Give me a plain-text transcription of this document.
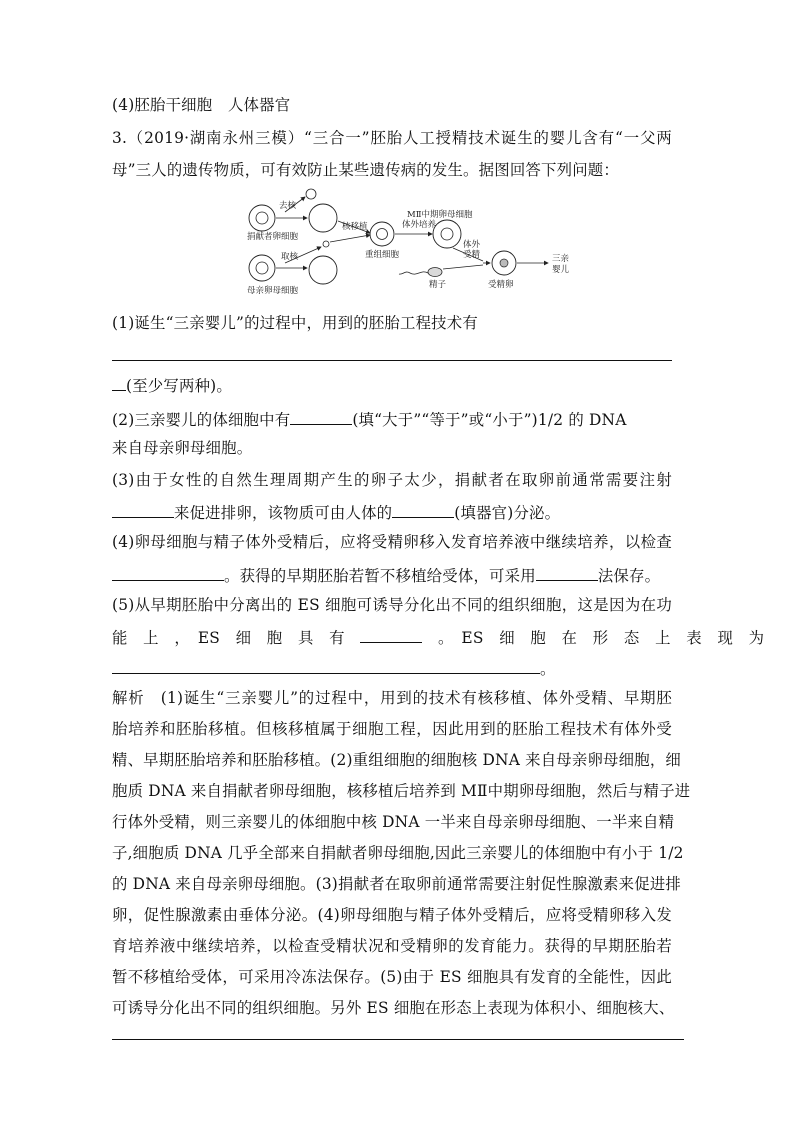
(4)胚胎干细胞　人体器官
3.（2019·湖南永州三模）“三合一”胚胎人工授精技术诞生的婴儿含有“一父两
母”三人的遗传物质，可有效防止某些遗传病的发生。据图回答下列问题：
(1)诞生“三亲婴儿”的过程中，用到的胚胎工程技术有
(至少写两种)。
(2)三亲婴儿的体细胞中有	(填“大于”“等于”或“小于”)1/2 的 DNA
来自母亲卵母细胞。
(3)由于女性的自然生理周期产生的卵子太少，捐献者在取卵前通常需要注射
来促进排卵，该物质可由人体的	(填器官)分泌。
(4)卵母细胞与精子体外受精后，应将受精卵移入发育培养液中继续培养，以检查
。获得的早期胚胎若暂不移植给受体，可采用	法保存。
(5)从早期胚胎中分离出的 ES 细胞可诱导分化出不同的组织细胞，这是因为在功
能　上　，　ES　细　胞　具　有　　	。　ES　细　胞　在　形　态　上　表　现　为
。
解析　(1)诞生“三亲婴儿”的过程中，用到的技术有核移植、体外受精、早期胚
胎培养和胚胎移植。但核移植属于细胞工程，因此用到的胚胎工程技术有体外受
精、早期胚胎培养和胚胎移植。(2)重组细胞的细胞核 DNA 来自母亲卵母细胞，细
胞质 DNA 来自捐献者卵母细胞，核移植后培养到 MⅡ中期卵母细胞，然后与精子进
行体外受精，则三亲婴儿的体细胞中核 DNA 一半来自母亲卵母细胞、一半来自精
子,细胞质 DNA 几乎全部来自捐献者卵母细胞,因此三亲婴儿的体细胞中有小于 1/2
的 DNA 来自母亲卵母细胞。(3)捐献者在取卵前通常需要注射促性腺激素来促进排
卵，促性腺激素由垂体分泌。(4)卵母细胞与精子体外受精后，应将受精卵移入发
育培养液中继续培养，以检查受精状况和受精卵的发育能力。获得的早期胚胎若
暂不移植给受体，可采用冷冻法保存。(5)由于 ES 细胞具有发育的全能性，因此
可诱导分化出不同的组织细胞。另外 ES 细胞在形态上表现为体积小、细胞核大、
捐献者卵细胞
母亲卵母细胞
去核
取核
核移植
重组细胞
体外培养
MⅡ中期卵母细胞
精子
体外
受精
受精卵
三亲
婴儿
